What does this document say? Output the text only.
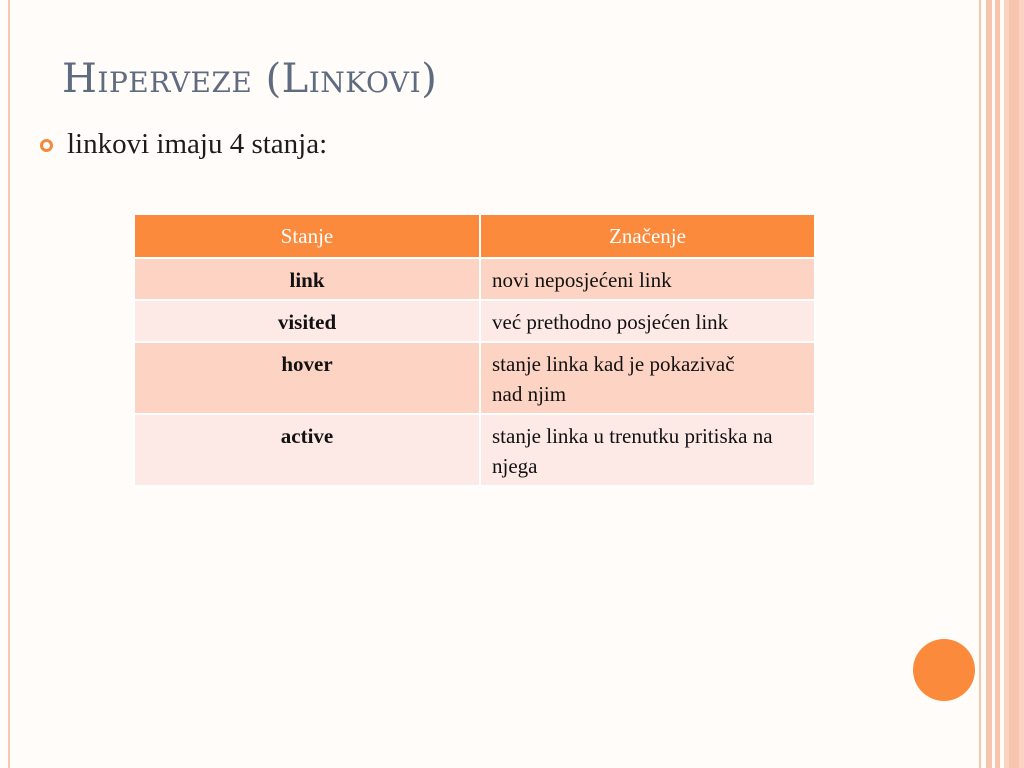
Hiperveze (Linkovi)
linkovi imaju 4 stanja:
Stanje	Značenje
link	novi neposjećeni link
visited	već prethodno posjećen link

hover	stanje linka kad je pokazivač nad njim

active	stanje linka u trenutku pritiska na njega
